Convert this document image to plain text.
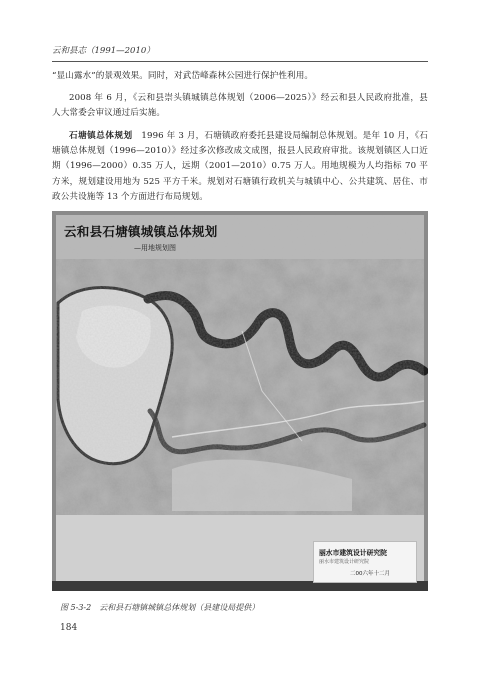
云和县志（1991—2010）
“显山露水”的景观效果。同时，对武岱峰森林公园进行保护性利用。
2008 年 6 月，《云和县崇头镇城镇总体规划（2006—2025）》经云和县人民政府批准，县人大常委会审议通过后实施。
石塘镇总体规划　1996 年 3 月，石塘镇政府委托县建设局编制总体规划。是年 10 月，《石塘镇总体规划（1996—2010）》经过多次修改成文成图，报县人民政府审批。该规划镇区人口近期（1996—2000）0.35 万人，远期（2001—2010）0.75 万人。用地规模为人均指标 70 平方米，规划建设用地为 525 平方千米。规划对石塘镇行政机关与城镇中心、公共建筑、居住、市政公共设施等 13 个方面进行布局规划。
云和县石塘镇城镇总体规划
—用地规划图
丽水市建筑设计研究院
丽水市建筑设计研究院
二00六年十二月
图 5-3-2　云和县石塘镇城镇总体规划（县建设局提供）
184
